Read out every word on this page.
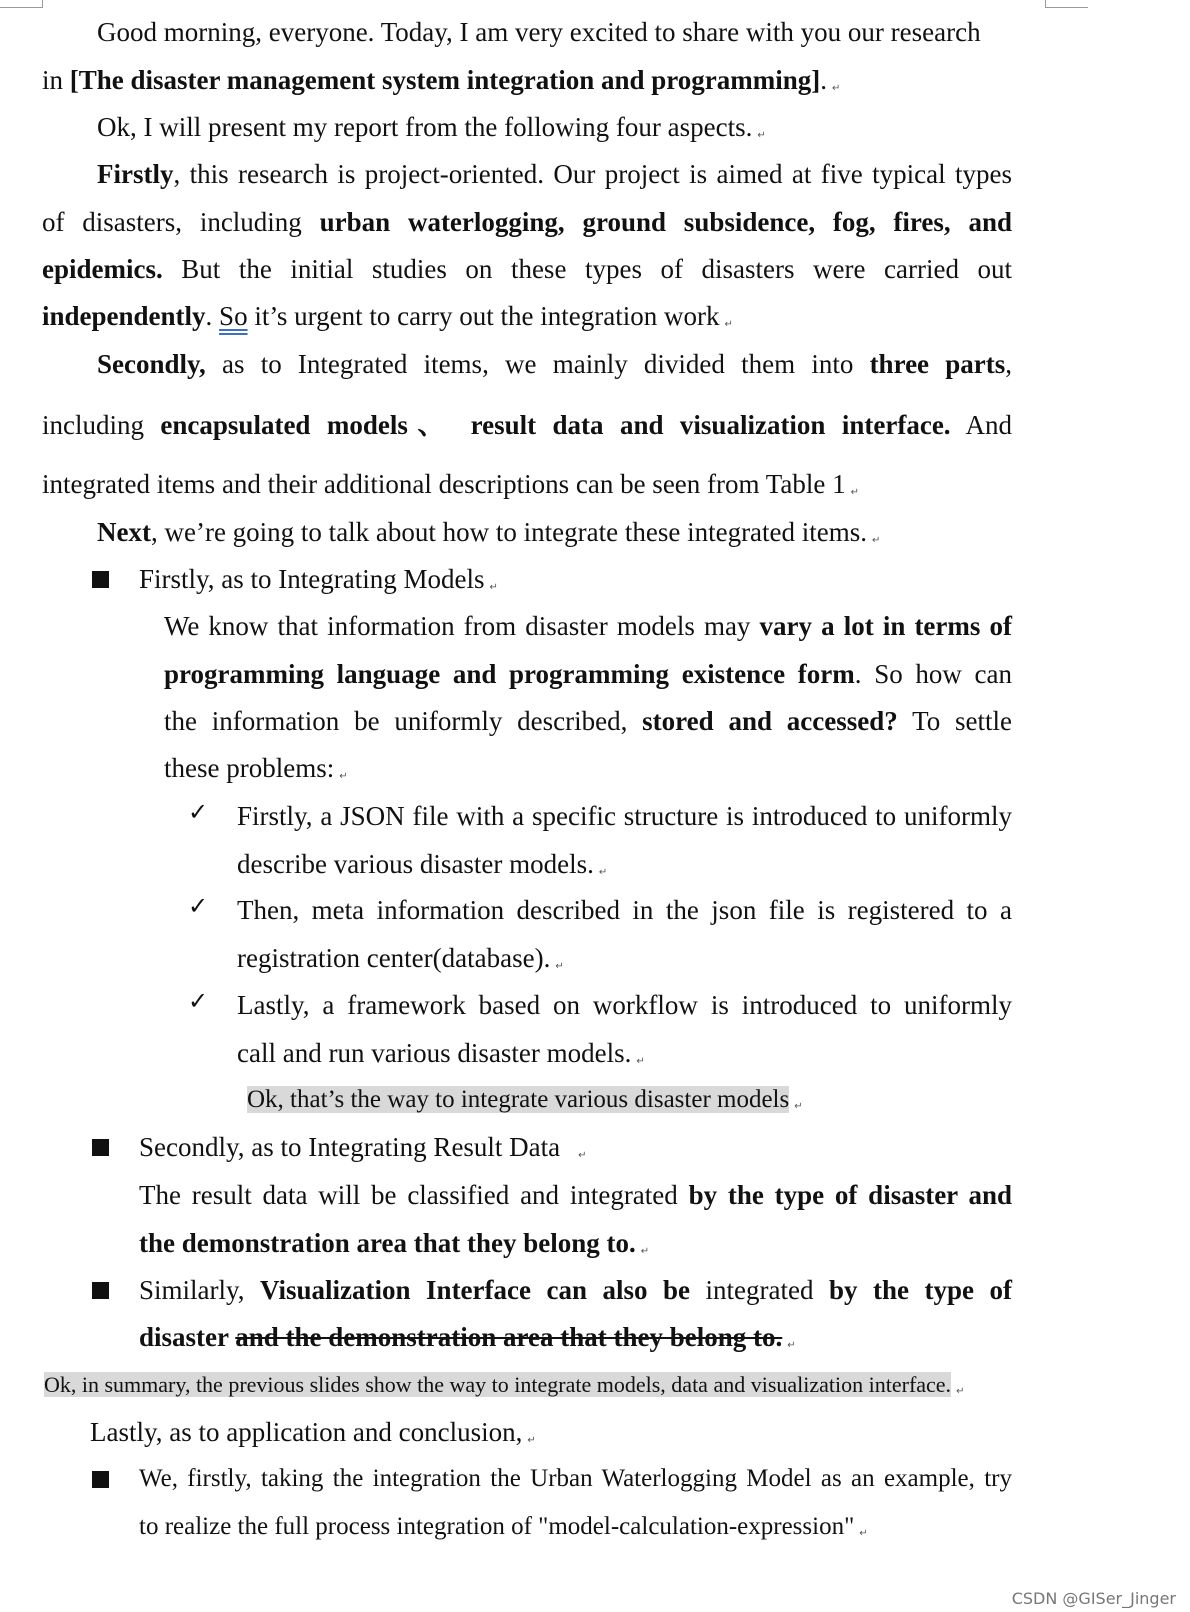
Good morning, everyone. Today, I am very excited to share with you our research
in [The disaster management system integration and programming]. ↵
Ok, I will present my report from the following four aspects. ↵
Firstly, this research is project-oriented. Our project is aimed at five typical types
of disasters, including urban waterlogging, ground subsidence, fog, fires, and
epidemics. But the initial studies on these types of disasters were carried out
independently. So it’s urgent to carry out the integration work ↵
Secondly, as to Integrated items, we mainly divided them into three parts,
including encapsulated models、 result data and visualization interface. And
integrated items and their additional descriptions can be seen from Table 1 ↵
Next, we’re going to talk about how to integrate these integrated items. ↵
Firstly, as to Integrating Models ↵
We know that information from disaster models may vary a lot in terms of
programming language and programming existence form. So how can
the information be uniformly described, stored and accessed? To settle
these problems: ↵
✓ Firstly, a JSON file with a specific structure is introduced to uniformly
describe various disaster models. ↵
✓ Then, meta information described in the json file is registered to a
registration center(database). ↵
✓ Lastly, a framework based on workflow is introduced to uniformly
call and run various disaster models. ↵
Ok, that’s the way to integrate various disaster models ↵
Secondly, as to Integrating Result Data ↵
The result data will be classified and integrated by the type of disaster and
the demonstration area that they belong to. ↵
Similarly, Visualization Interface can also be integrated by the type of
disaster and the demonstration area that they belong to. ↵
Ok, in summary, the previous slides show the way to integrate models, data and visualization interface. ↵
Lastly, as to application and conclusion, ↵
We, firstly, taking the integration the Urban Waterlogging Model as an example, try
to realize the full process integration of "model-calculation-expression" ↵
CSDN @GISer_Jinger
